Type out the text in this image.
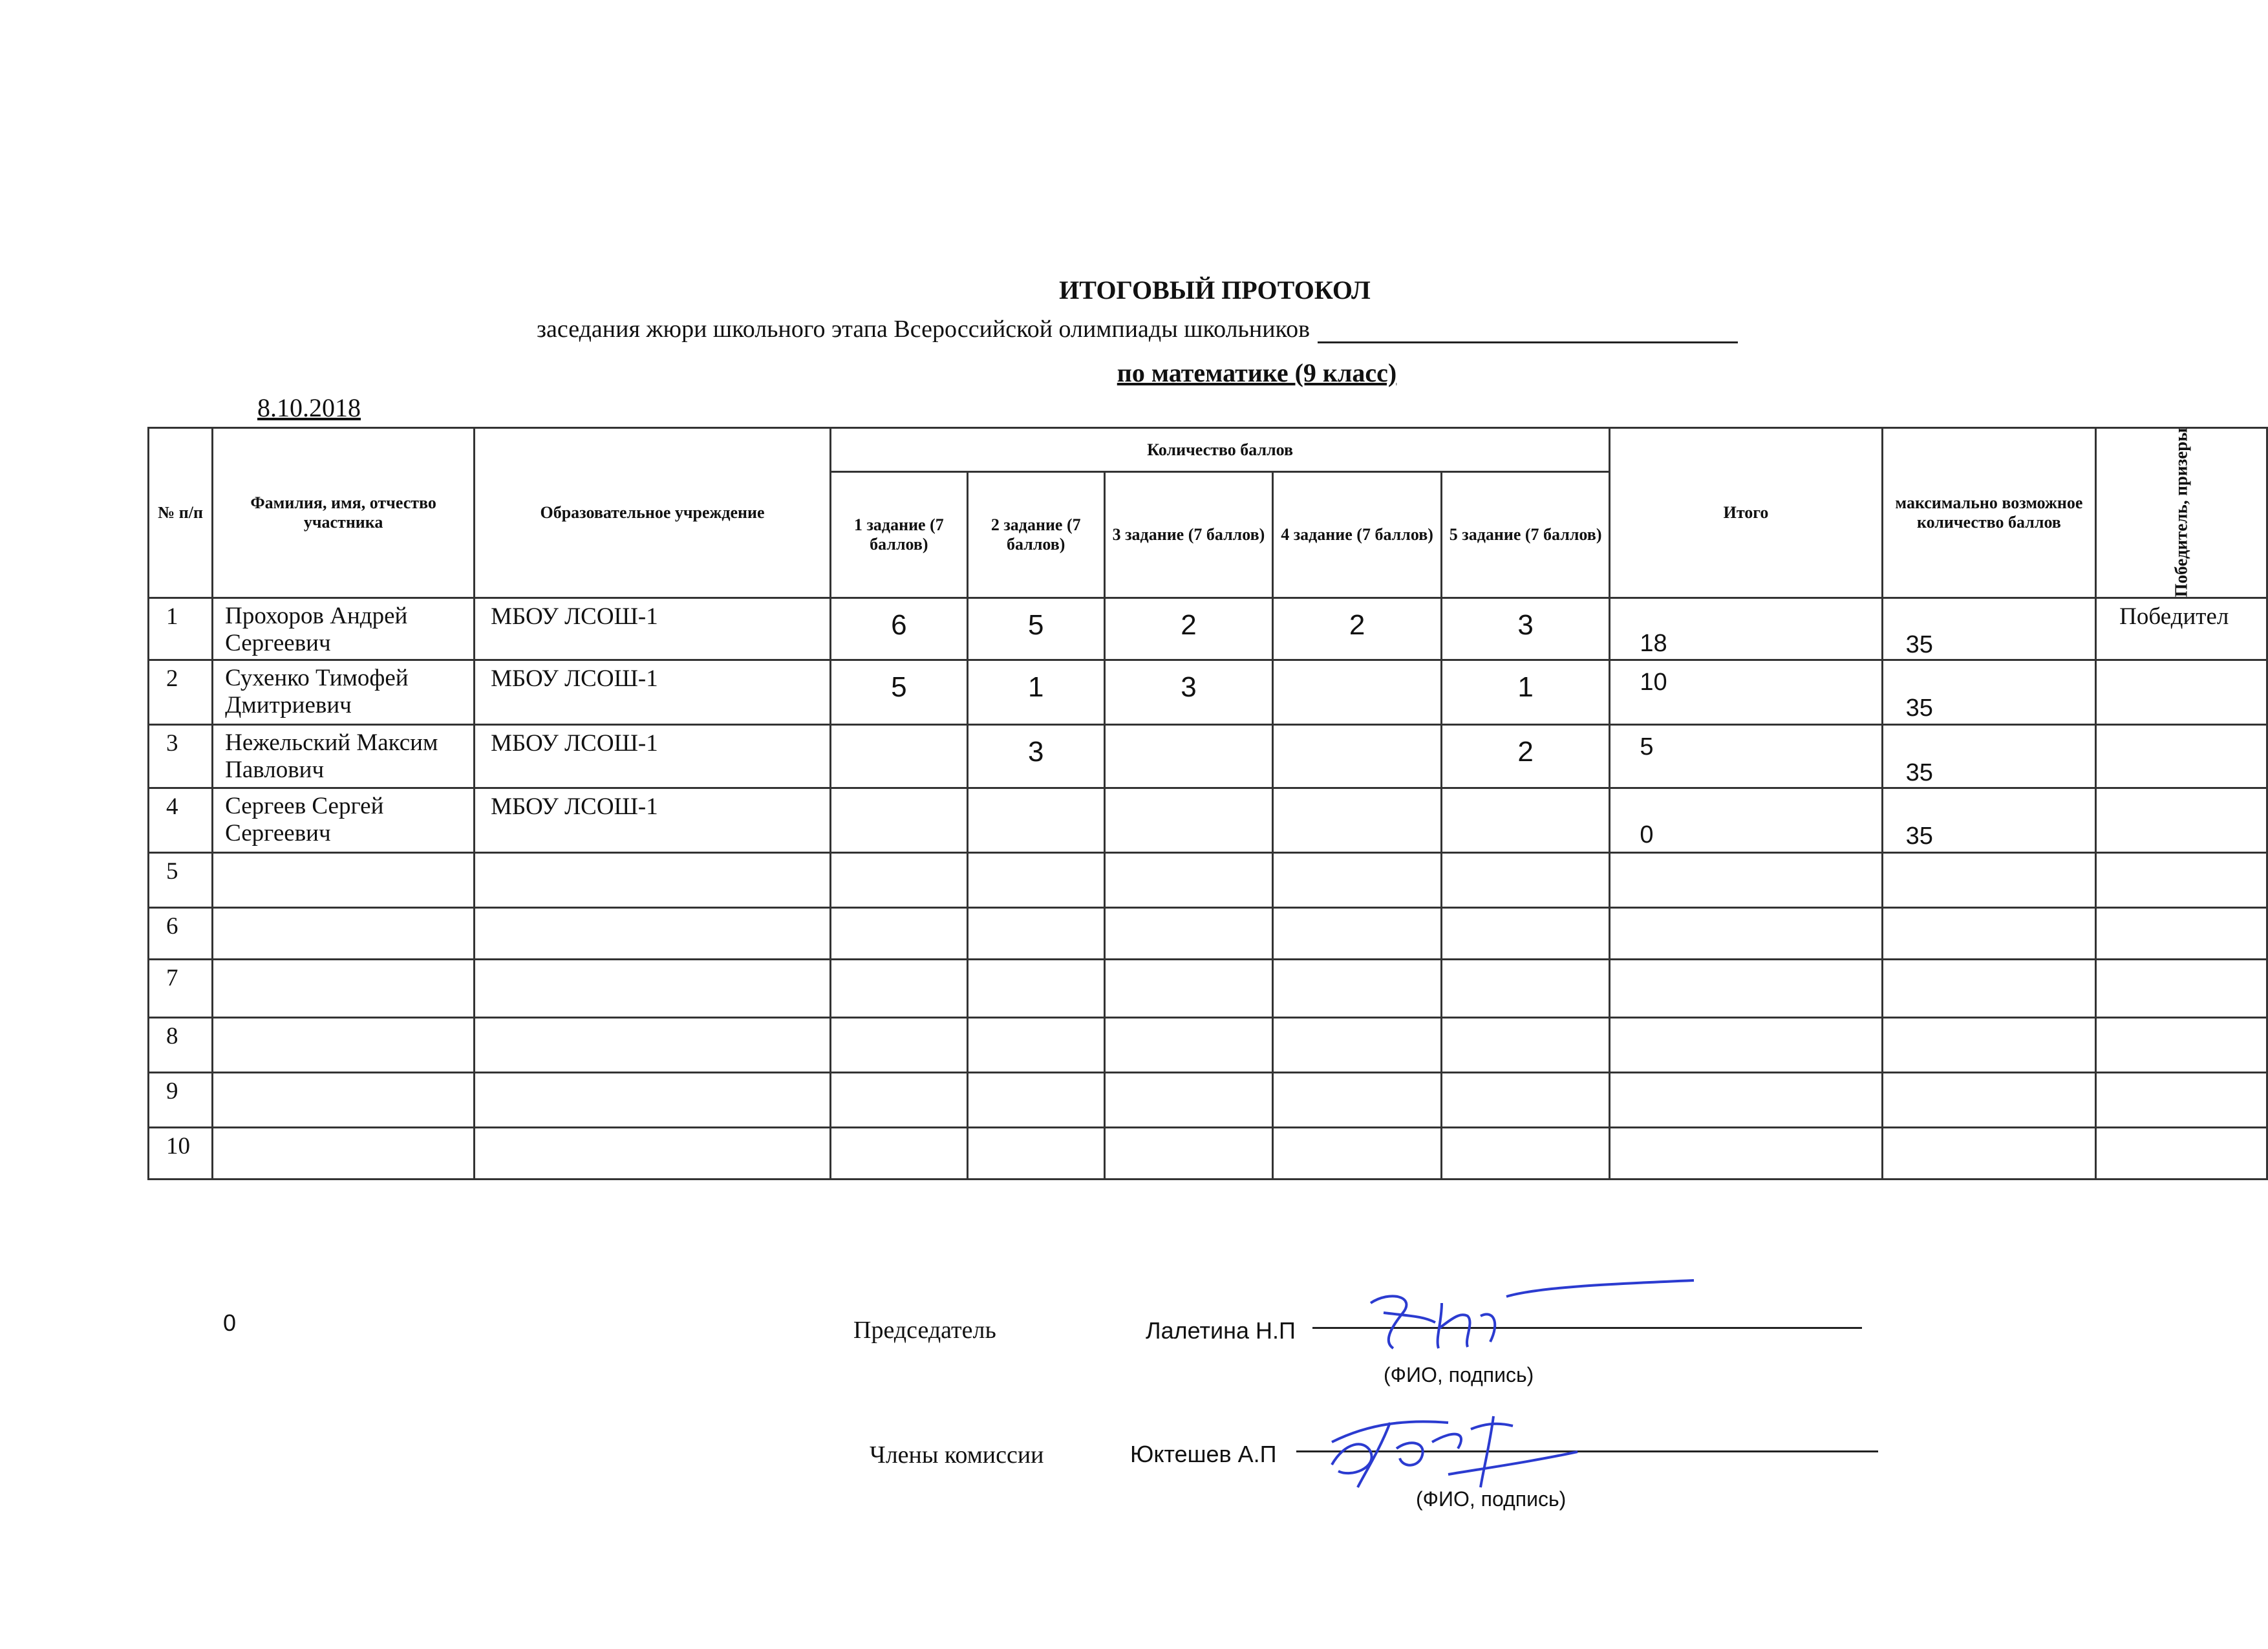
ИТОГОВЫЙ ПРОТОКОЛ
заседания жюри школьного этапа Всероссийской олимпиады школьников
по математике (9 класс)
8.10.2018
№ п/п	Фамилия, имя, отчество участника	Образовательное учреждение	Количество баллов					Итого	максимально возможное количество баллов	Победитель, призеры
			1 задание (7 баллов)	2 задание (7 баллов)	3 задание (7 баллов)	4 задание (7 баллов)	5 задание (7 баллов)			
1	Прохоров Андрей Сергеевич	МБОУ ЛСОШ-1	6	5	2	2	3	18	35	Победител
2	Сухенко Тимофей Дмитриевич	МБОУ ЛСОШ-1	5	1	3		1	10	35	
3	Нежельский Максим Павлович	МБОУ ЛСОШ-1		3			2	5	35	
4	Сергеев Сергей Сергеевич	МБОУ ЛСОШ-1						0	35	
5										
6										
7										
8										
9										
10										
0	Председатель	Лалетина Н.П
(ФИО, подпись)
Члены комиссии	Юктешев А.П
(ФИО, подпись)
